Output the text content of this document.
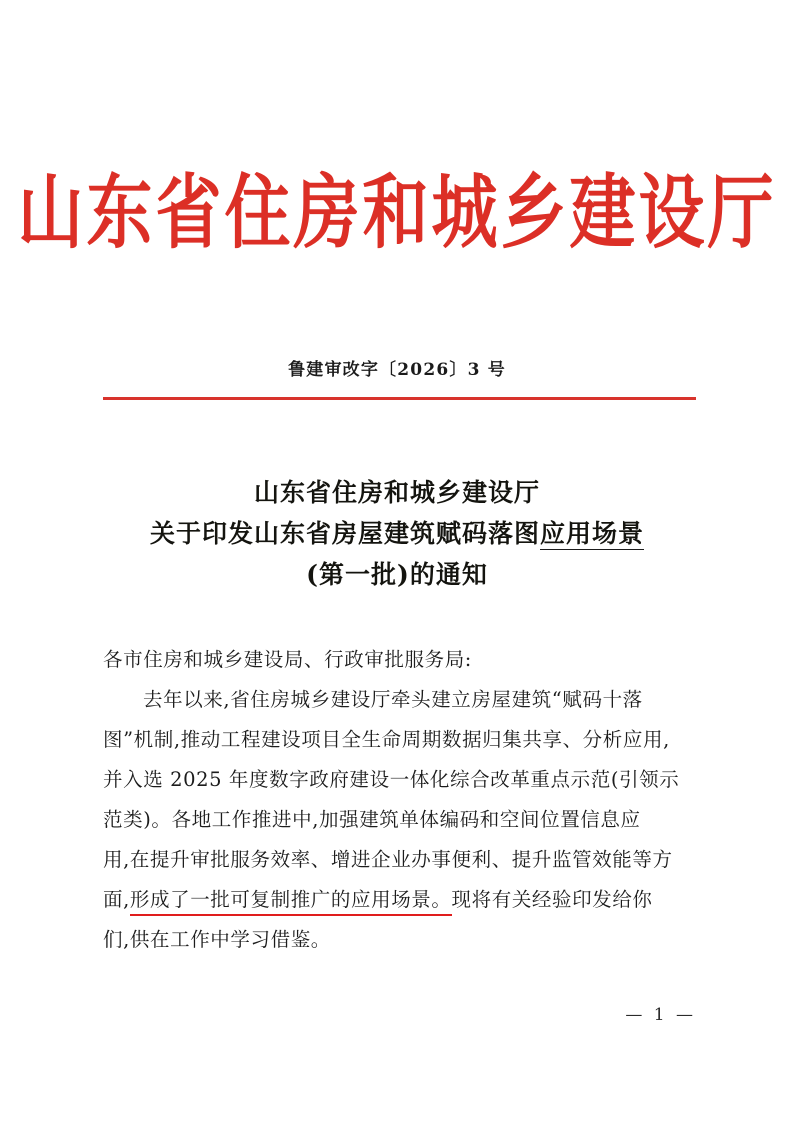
山东省住房和城乡建设厅
鲁建审改字〔2026〕3 号
山东省住房和城乡建设厅
关于印发山东省房屋建筑赋码落图应用场景
(第一批)的通知
各市住房和城乡建设局、行政审批服务局:
去年以来,省住房城乡建设厅牵头建立房屋建筑“赋码十落
图”机制,推动工程建设项目全生命周期数据归集共享、分析应用,
并入选 2025 年度数字政府建设一体化综合改革重点示范(引领示
范类)。各地工作推进中,加强建筑单体编码和空间位置信息应
用,在提升审批服务效率、增进企业办事便利、提升监管效能等方
面,形成了一批可复制推广的应用场景。现将有关经验印发给你
们,供在工作中学习借鉴。
— 1 —
